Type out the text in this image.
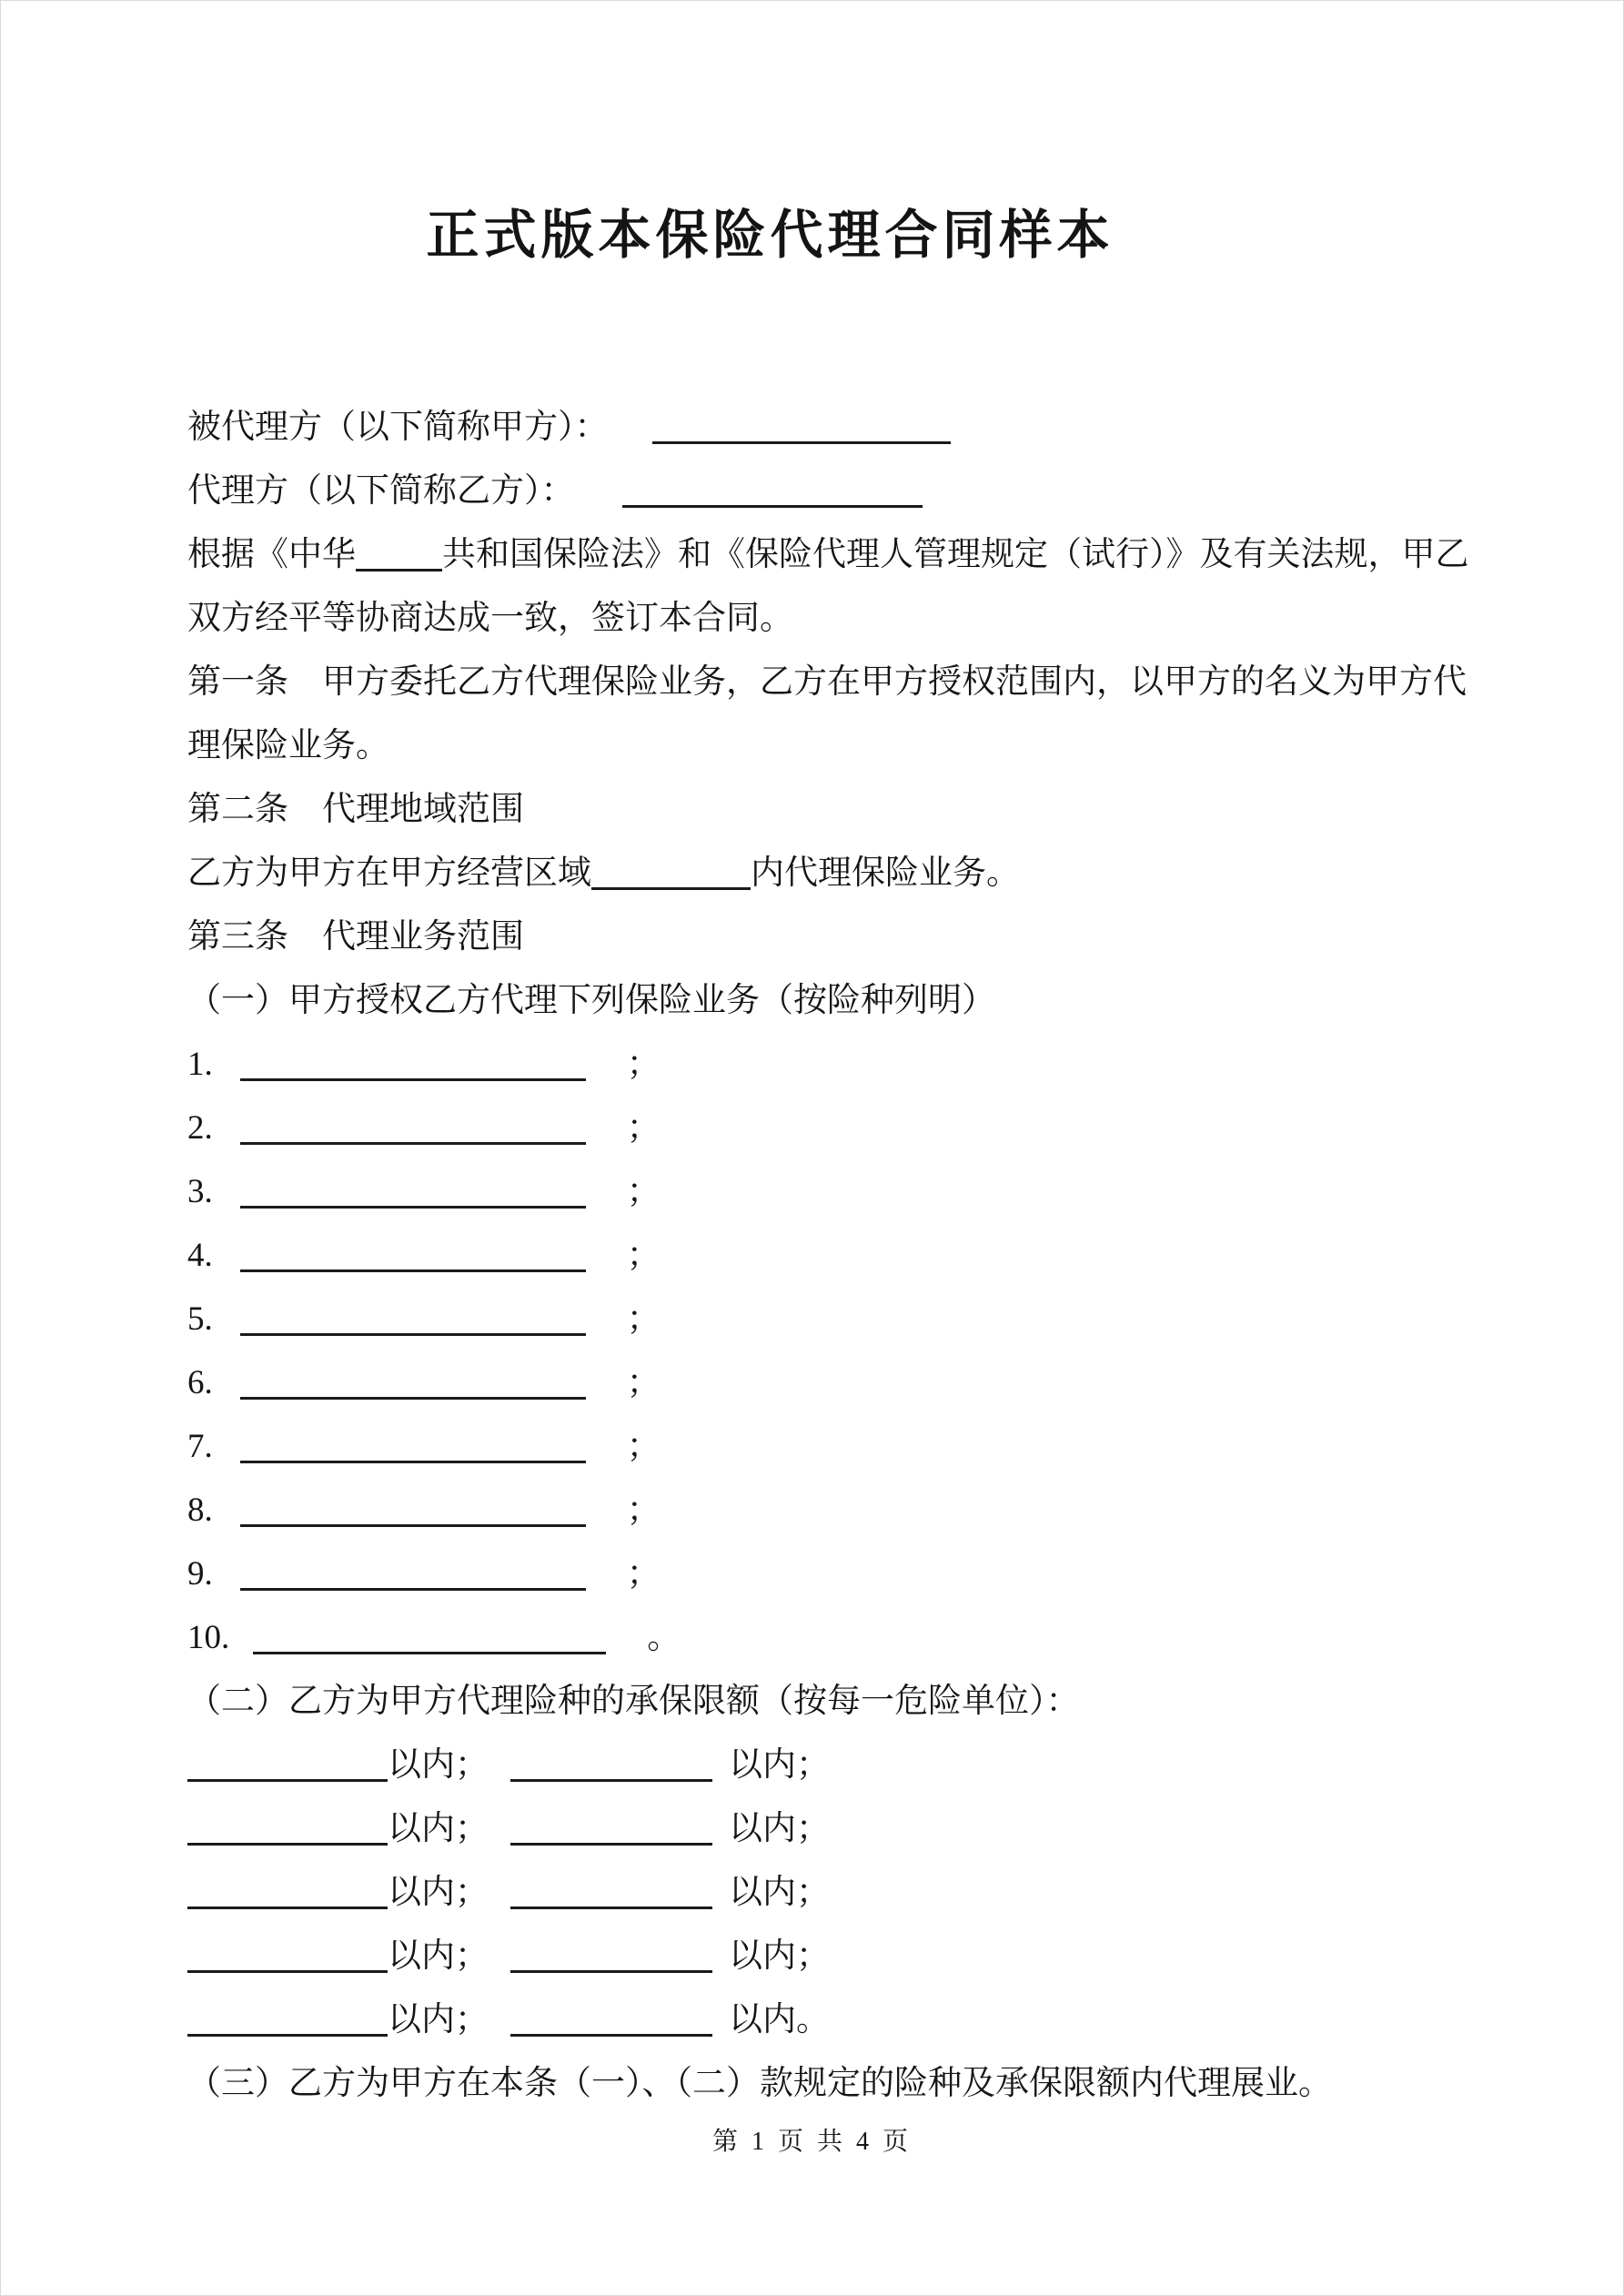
正式版本保险代理合同样本
被代理方（以下简称甲方）：
代理方（以下简称乙方）：
根据《中华	共和国保险法》和《保险代理人管理规定（试行）》及有关法规，甲乙
双方经平等协商达成一致，签订本合同。
第一条　甲方委托乙方代理保险业务，乙方在甲方授权范围内，以甲方的名义为甲方代
理保险业务。
第二条　代理地域范围
乙方为甲方在甲方经营区域	内代理保险业务。
第三条　代理业务范围
（一）甲方授权乙方代理下列保险业务（按险种列明）
1.	；
2.	；
3.	；
4.	；
5.	；
6.	；
7.	；
8.	；
9.	；
10.	。
（二）乙方为甲方代理险种的承保限额（按每一危险单位）：
以内；	以内；
以内；	以内；
以内；	以内；
以内；	以内；
以内；	以内。
（三）乙方为甲方在本条（一）、（二）款规定的险种及承保限额内代理展业。
第 1 页 共 4 页
